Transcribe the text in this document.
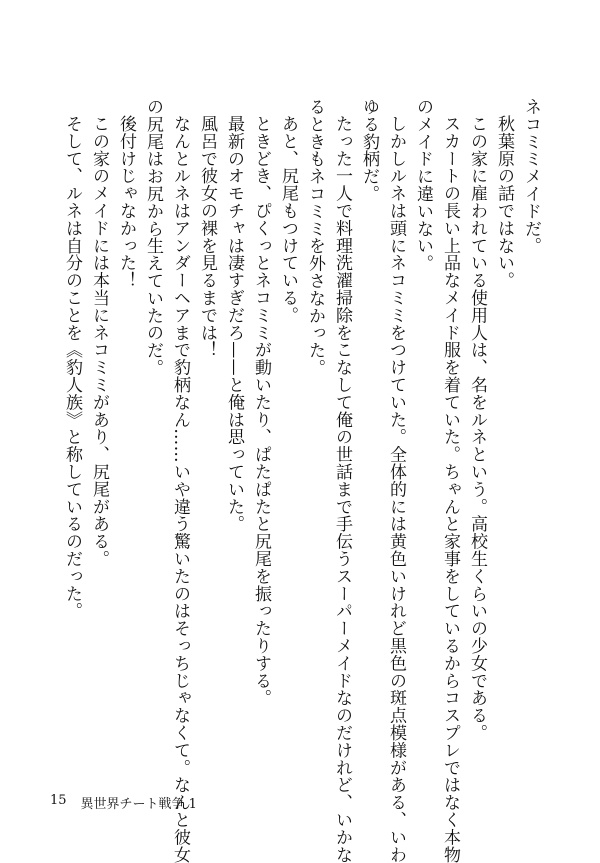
ネコミミメイドだ。
秋葉原の話ではない。
この家に雇われている使用人は、名をルネという。高校生くらいの少女である。
スカートの長い上品なメイド服を着ていた。ちゃんと家事をしているからコスプレではなく本物
のメイドに違いない。
しかしルネは頭にネコミミをつけていた。全体的には黄色いけれど黒色の斑点模様がある、いわ
ゆる豹柄だ。
たった一人で料理洗濯掃除をこなして俺の世話まで手伝うスーパーメイドなのだけれど、いかな
るときもネコミミを外さなかった。
あと、尻尾もつけている。
ときどき、ぴくっとネコミミが動いたり、ぱたぱたと尻尾を振ったりする。
最新のオモチャは凄すぎだろ——と俺は思っていた。
風呂で彼女の裸を見るまでは！
なんとルネはアンダーヘアまで豹柄なん……いや違う驚いたのはそっちじゃなくて。なんと彼女
の尻尾はお尻から生えていたのだ。
後付けじゃなかった！
この家のメイドには本当にネコミミがあり、尻尾がある。
そして、ルネは自分のことを《豹人族》と称しているのだった。
15 異世界チート戦争 1
